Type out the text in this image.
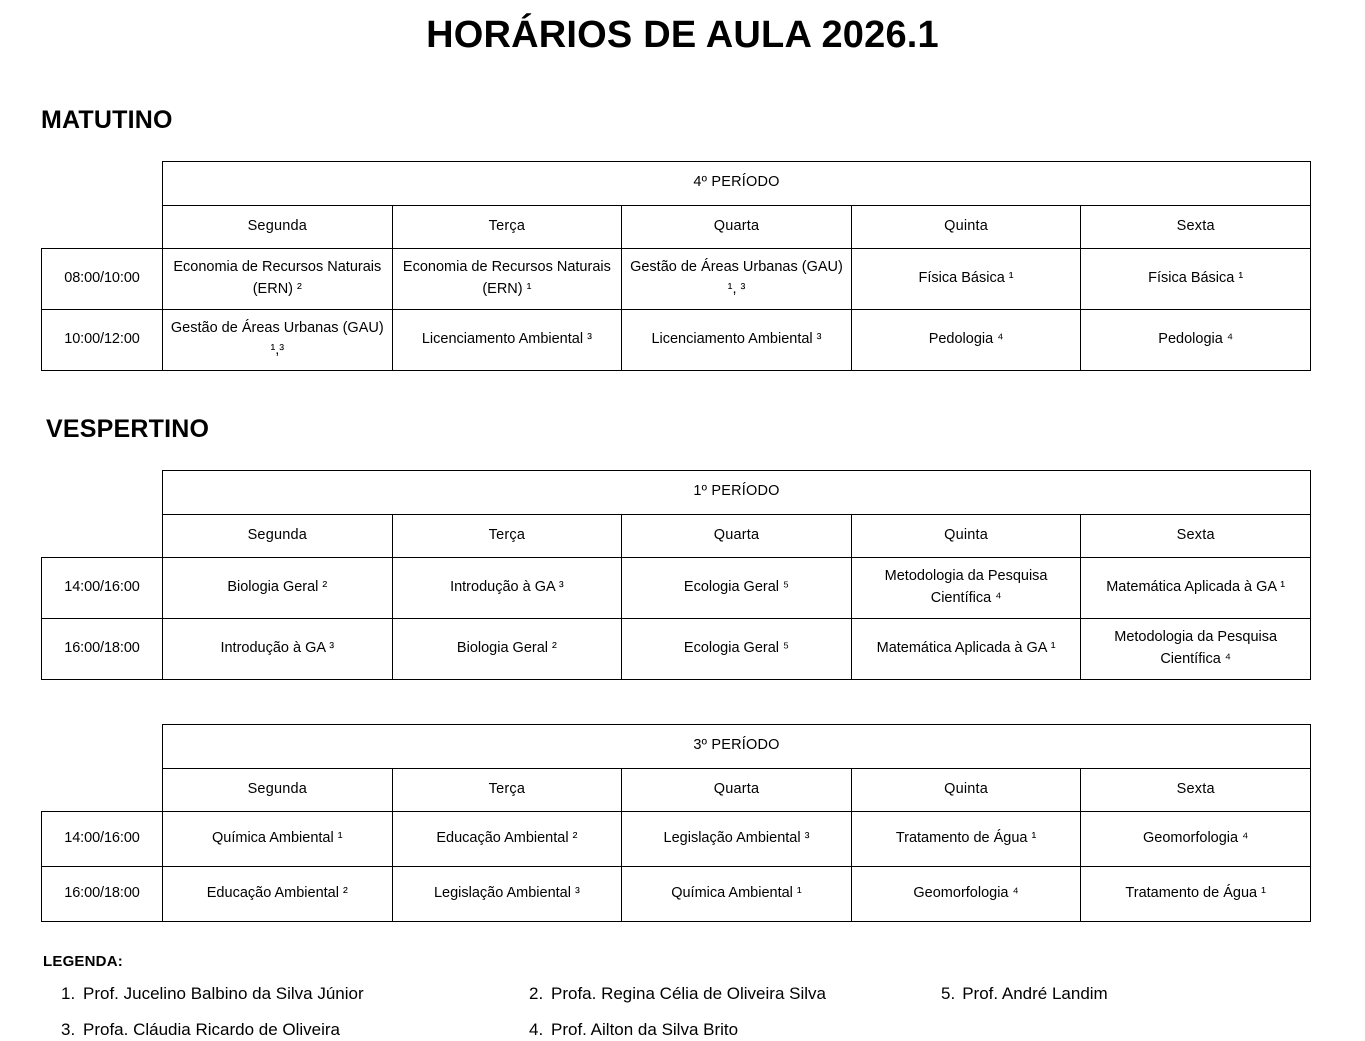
HORÁRIOS DE AULA 2026.1
MATUTINO
	4º PERÍODO				
	Segunda	Terça	Quarta	Quinta	Sexta
08:00/10:00	Economia de Recursos Naturais (ERN) ²	Economia de Recursos Naturais (ERN) ¹	Gestão de Áreas Urbanas (GAU) ¹, ³	Física Básica ¹	Física Básica ¹
10:00/12:00	Gestão de Áreas Urbanas (GAU) ¹,³	Licenciamento Ambiental ³	Licenciamento Ambiental ³	Pedologia ⁴	Pedologia ⁴
VESPERTINO
	1º PERÍODO				
	Segunda	Terça	Quarta	Quinta	Sexta
14:00/16:00	Biologia Geral ²	Introdução à GA ³	Ecologia Geral ⁵	Metodologia da Pesquisa Científica ⁴	Matemática Aplicada à GA ¹
16:00/18:00	Introdução à GA ³	Biologia Geral ²	Ecologia Geral ⁵	Matemática Aplicada à GA ¹	Metodologia da Pesquisa Científica ⁴
	3º PERÍODO				
	Segunda	Terça	Quarta	Quinta	Sexta
14:00/16:00	Química Ambiental ¹	Educação Ambiental ²	Legislação Ambiental ³	Tratamento de Água ¹	Geomorfologia ⁴
16:00/18:00	Educação Ambiental ²	Legislação Ambiental ³	Química Ambiental ¹	Geomorfologia ⁴	Tratamento de Água ¹
LEGENDA:
1. Prof. Jucelino Balbino da Silva Júnior	2. Profa. Regina Célia de Oliveira Silva	5. Prof. André Landim
3. Profa. Cláudia Ricardo de Oliveira	4. Prof. Ailton da Silva Brito
